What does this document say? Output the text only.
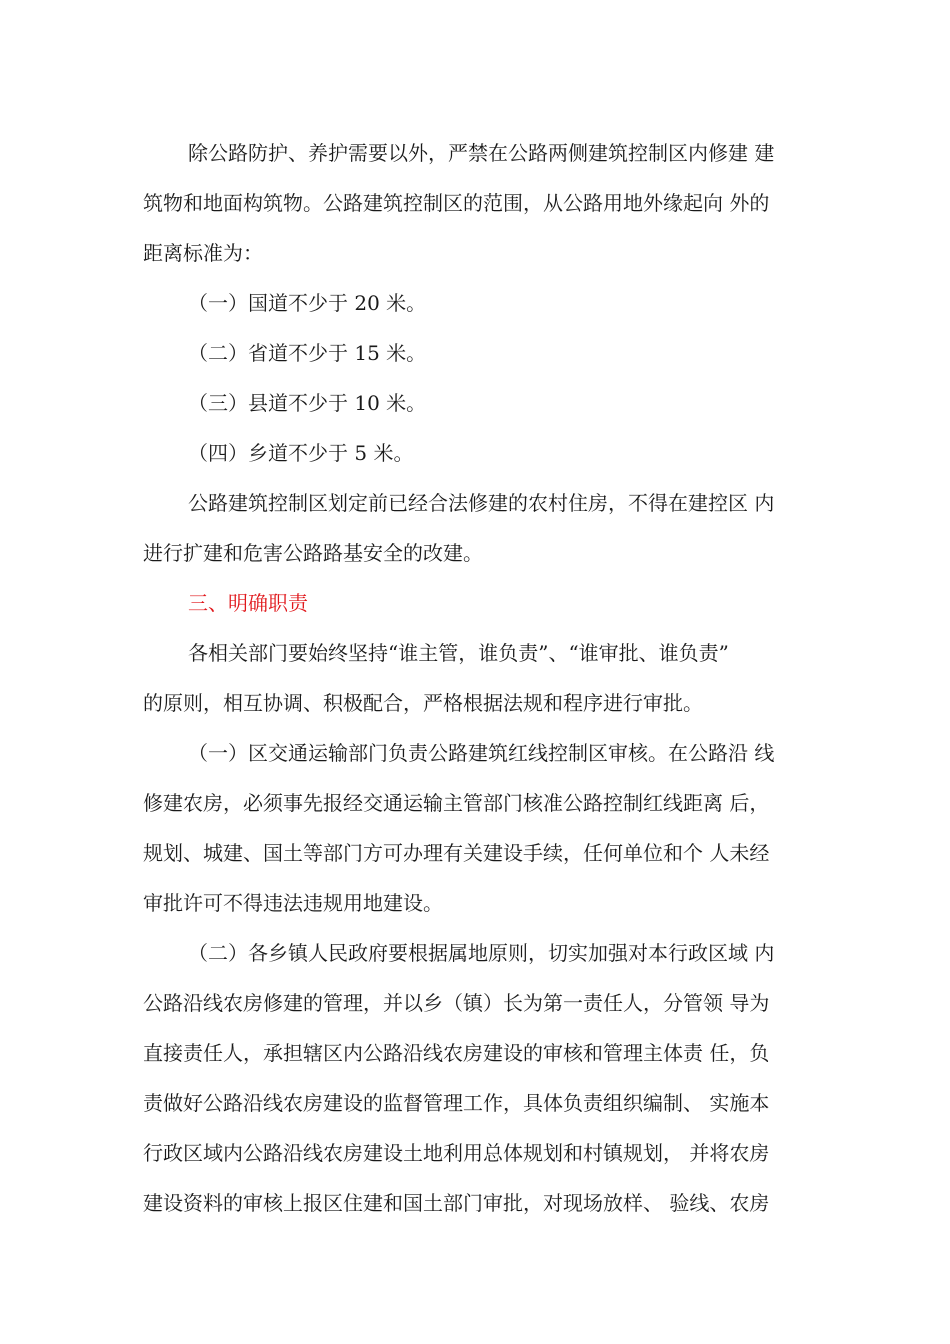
除公路防护、养护需要以外，严禁在公路两侧建筑控制区内修建 建
筑物和地面构筑物。公路建筑控制区的范围，从公路用地外缘起向 外的
距离标准为：
（一）国道不少于 20 米。
（二）省道不少于 15 米。
（三）县道不少于 10 米。
（四）乡道不少于 5 米。
公路建筑控制区划定前已经合法修建的农村住房，不得在建控区 内
进行扩建和危害公路路基安全的改建。
三、明确职责
各相关部门要始终坚持“谁主管，谁负责”、“谁审批、谁负责”
的原则，相互协调、积极配合，严格根据法规和程序进行审批。
（一）区交通运输部门负责公路建筑红线控制区审核。在公路沿 线
修建农房，必须事先报经交通运输主管部门核准公路控制红线距离 后，
规划、城建、国土等部门方可办理有关建设手续，任何单位和个 人未经
审批许可不得违法违规用地建设。
（二）各乡镇人民政府要根据属地原则，切实加强对本行政区域 内
公路沿线农房修建的管理，并以乡（镇）长为第一责任人，分管领 导为
直接责任人，承担辖区内公路沿线农房建设的审核和管理主体责 任，负
责做好公路沿线农房建设的监督管理工作，具体负责组织编制、 实施本
行政区域内公路沿线农房建设土地利用总体规划和村镇规划， 并将农房
建设资料的审核上报区住建和国土部门审批，对现场放样、 验线、农房
